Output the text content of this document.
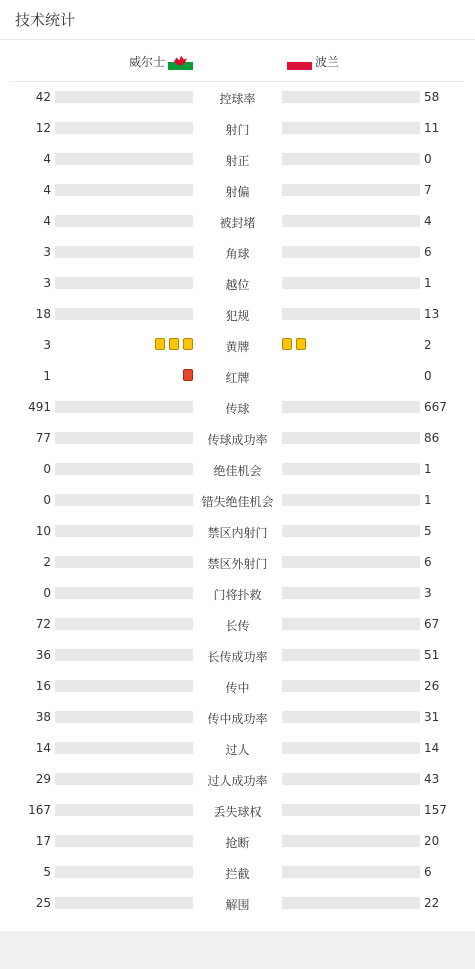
技术统计
威尔士	波兰
42	控球率	58
12	射门	11
4	射正	0
4	射偏	7
4	被封堵	4
3	角球	6
3	越位	1
18	犯规	13
3	黄牌	2
1	红牌	0
491	传球	667
77	传球成功率	86
0	绝佳机会	1
0	错失绝佳机会	1
10	禁区内射门	5
2	禁区外射门	6
0	门将扑救	3
72	长传	67
36	长传成功率	51
16	传中	26
38	传中成功率	31
14	过人	14
29	过人成功率	43
167	丢失球权	157
17	抢断	20
5	拦截	6
25	解围	22
